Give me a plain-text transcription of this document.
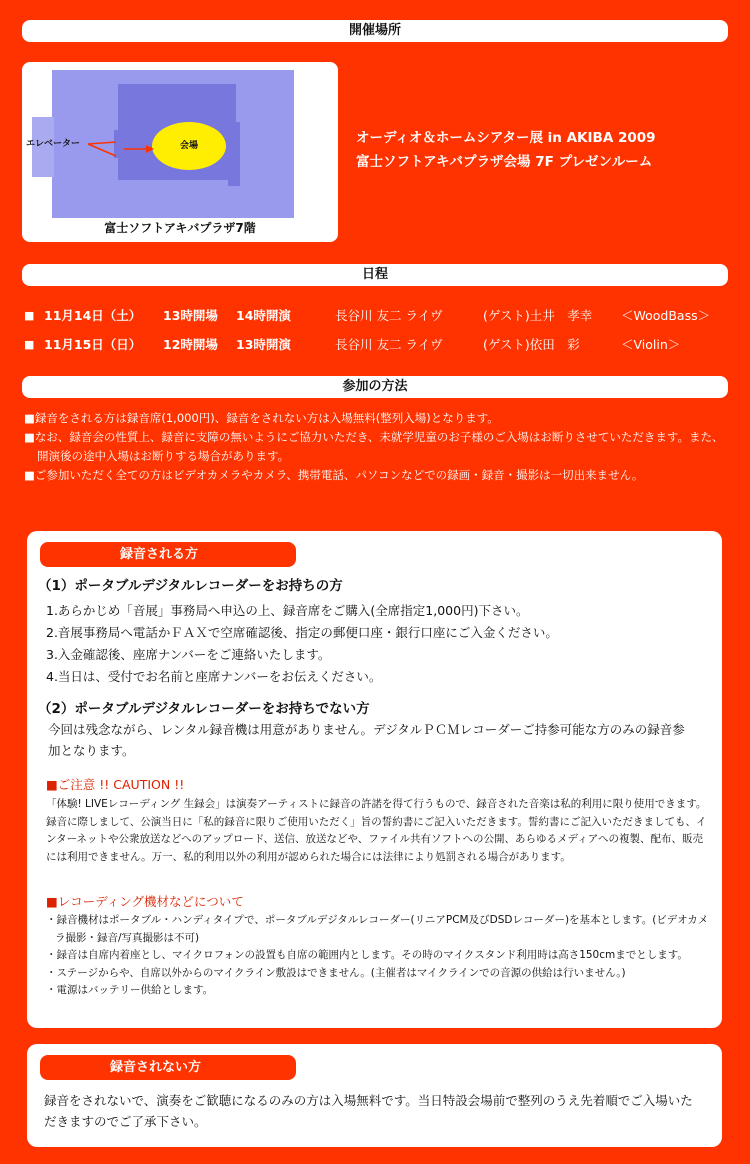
開催場所
会場
エレベーター
富士ソフトアキバプラザ7階
オーディオ＆ホームシアター展 in AKIBA 2009
富士ソフトアキバプラザ会場 7F プレゼンルーム
日程
■ 11月14日（土） 13時開場 14時開演	長谷川 友二 ライヴ	(ゲスト)土井　孝幸 ＜WoodBass＞
■ 11月15日（日） 12時開場 13時開演	長谷川 友二 ライヴ	(ゲスト)依田　彩	＜Violin＞
参加の方法

■録音をされる方は録音席(1,000円)、録音をされない方は入場無料(整列入場)となります。

■なお、録音会の性質上、録音に支障の無いようにご協力いただき、未就学児童のお子様のご入場はお断りさせていただきます。また、開演後の途中入場はお断りする場合があります。

■ご参加いただく全ての方はビデオカメラやカメラ、携帯電話、パソコンなどでの録画・録音・撮影は一切出来ません。

録音される方
（1）ポータブルデジタルレコーダーをお持ちの方
1.あらかじめ「音展」事務局へ申込の上、録音席をご購入(全席指定1,000円)下さい。
2.音展事務局へ電話かＦＡＸで空席確認後、指定の郵便口座・銀行口座にご入金ください。
3.入金確認後、座席ナンバーをご連絡いたします。
4.当日は、受付でお名前と座席ナンバーをお伝えください。
（2）ポータブルデジタルレコーダーをお持ちでない方
今回は残念ながら、レンタル録音機は用意がありません。デジタルＰＣＭレコーダーご持参可能な方のみの録音参加となります。
■ご注意 !! CAUTION !!
「体験! LIVEレコーディング 生録会」は演奏アーティストに録音の許諾を得て行うもので、録音された音楽は私的利用に限り使用できます。録音に際しまして、公演当日に「私的録音に限りご使用いただく」旨の誓約書にご記入いただきます。誓約書にご記入いただきましても、インターネットや公衆放送などへのアップロード、送信、放送などや、ファイル共有ソフトへの公開、あらゆるメディアへの複製、配布、販売には利用できません。万一、私的利用以外の利用が認められた場合には法律により処罰される場合があります。
■レコーディング機材などについて

・録音機材はポータブル・ハンディタイプで、ポータブルデジタルレコーダー(リニアPCM及びDSDレコーダー)を基本とします。(ビデオカメラ撮影・録音/写真撮影は不可)

・録音は自席内着座とし、マイクロフォンの設置も自席の範囲内とします。その時のマイクスタンド利用時は高さ150cmまでとします。

・ステージからや、自席以外からのマイクライン敷設はできません。(主催者はマイクラインでの音源の供給は行いません。)

・電源はバッテリー供給とします。

録音されない方
録音をされないで、演奏をご歓聴になるのみの方は入場無料です。当日特設会場前で整列のうえ先着順でご入場いただきますのでご了承下さい。
